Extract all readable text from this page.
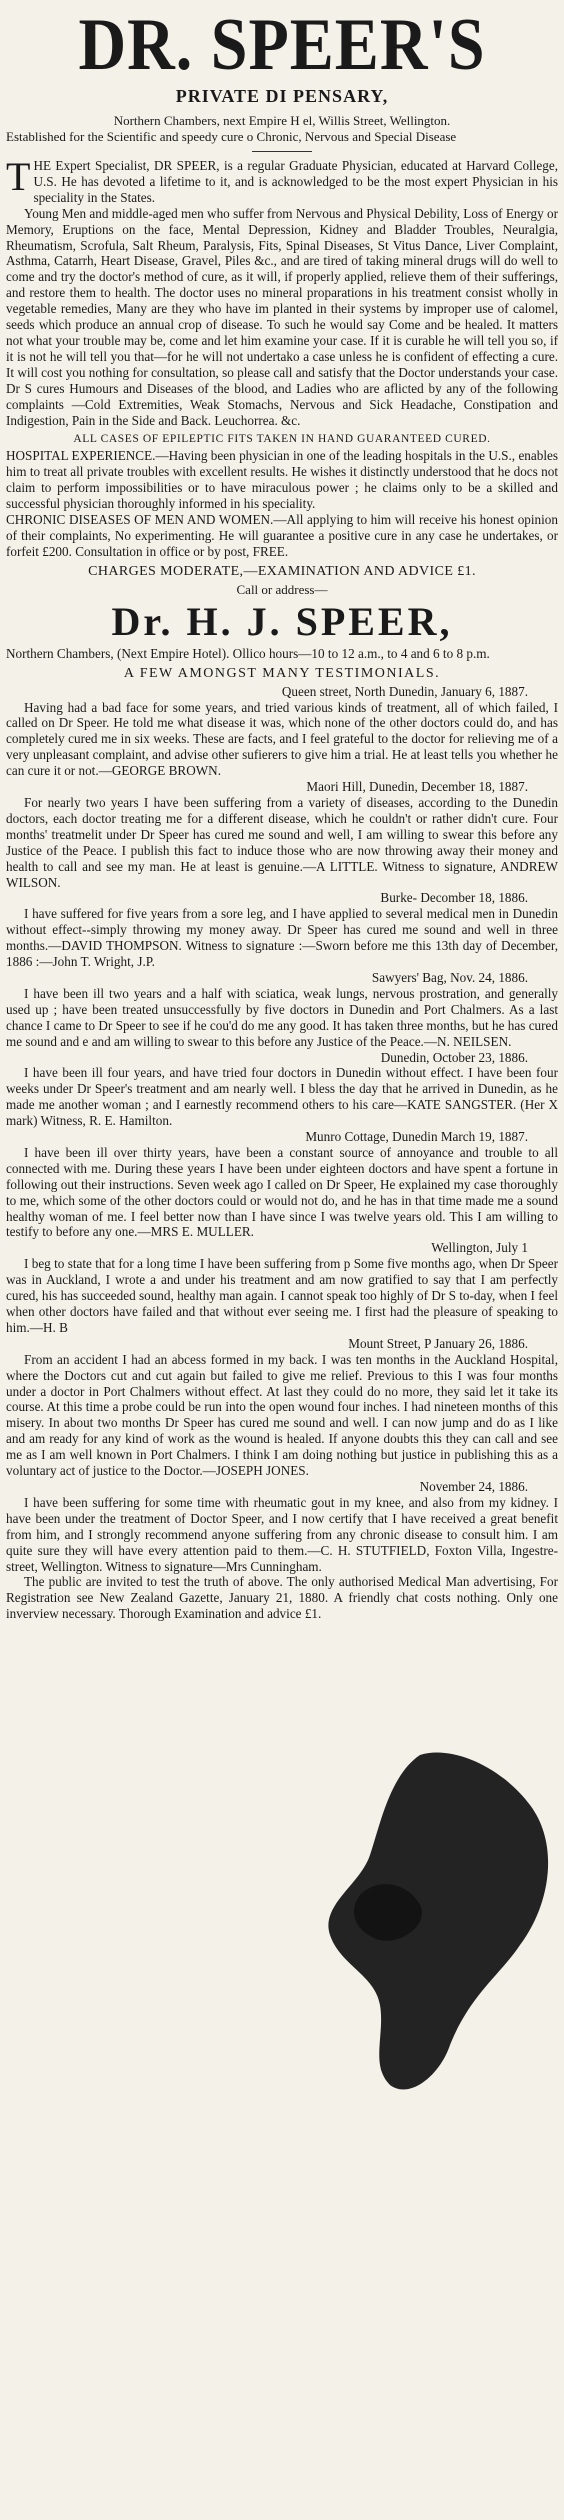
DR. SPEER'S
PRIVATE DI PENSARY,
Northern Chambers, next Empire H el, Willis Street, Wellington.
Established for the Scientific and speedy cure o Chronic, Nervous and Special Disease

THE Expert Specialist, DR SPEER, is a regular Graduate Physician, educated at Harvard College, U.S. He has devoted a lifetime to it, and is acknowledged to be the most expert Physician in his speciality in the States.

Young Men and middle-aged men who suffer from Nervous and Physical Debility, Loss of Energy or Memory, Eruptions on the face, Mental Depression, Kidney and Bladder Troubles, Neuralgia, Rheumatism, Scrofula, Salt Rheum, Paralysis, Fits, Spinal Diseases, St Vitus Dance, Liver Complaint, Asthma, Catarrh, Heart Disease, Gravel, Piles &c., and are tired of taking mineral drugs will do well to come and try the doctor's method of cure, as it will, if properly applied, relieve them of their sufferings, and restore them to health. The doctor uses no mineral proparations in his treatment consist wholly in vegetable remedies, Many are they who have im planted in their systems by improper use of calomel, seeds which produce an annual crop of disease. To such he would say Come and be healed. It matters not what your trouble may be, come and let him examine your case. If it is curable he will tell you so, if it is not he will tell you that—for he will not undertako a case unless he is confident of effecting a cure. It will cost you nothing for consultation, so please call and satisfy that the Doctor understands your case. Dr S cures Humours and Diseases of the blood, and Ladies who are aflicted by any of the following complaints —Cold Extremities, Weak Stomachs, Nervous and Sick Headache, Constipation and Indigestion, Pain in the Side and Back. Leuchorrea. &c.

ALL CASES OF EPILEPTIC FITS TAKEN IN HAND GUARANTEED CURED.

HOSPITAL EXPERIENCE.—Having been physician in one of the leading hospitals in the U.S., enables him to treat all private troubles with excellent results. He wishes it distinctly understood that he docs not claim to perform impossibilities or to have miraculous power ; he claims only to be a skilled and successful physician thoroughly informed in his speciality.

CHRONIC DISEASES OF MEN AND WOMEN.—All applying to him will receive his honest opinion of their complaints, No experimenting. He will guarantee a positive cure in any case he undertakes, or forfeit £200. Consultation in office or by post, FREE.

CHARGES MODERATE,—EXAMINATION AND ADVICE £1.
Call or address—
Dr. H. J. SPEER,

Northern Chambers, (Next Empire Hotel). Ollico hours—10 to 12 a.m., to 4 and 6 to 8 p.m.

A FEW AMONGST MANY TESTIMONIALS.
Queen street, North Dunedin, January 6, 1887.

Having had a bad face for some years, and tried various kinds of treatment, all of which failed, I called on Dr Speer. He told me what disease it was, which none of the other doctors could do, and has completely cured me in six weeks. These are facts, and I feel grateful to the doctor for relieving me of a very unpleasant complaint, and advise other sufierers to give him a trial. He at least tells you whether he can cure it or not.—GEORGE BROWN.

Maori Hill, Dunedin, December 18, 1887.

For nearly two years I have been suffering from a variety of diseases, according to the Dunedin doctors, each doctor treating me for a different disease, which he couldn't or rather didn't cure. Four months' treatmelit under Dr Speer has cured me sound and well, I am willing to swear this before any Justice of the Peace. I publish this fact to induce those who are now throwing away their money and health to call and see my man. He at least is genuine.—A LITTLE. Witness to signature, ANDREW WILSON.

Burke- Decomber 18, 1886.

I have suffered for five years from a sore leg, and I have applied to several medical men in Dunedin without effect--simply throwing my money away. Dr Speer has cured me sound and well in three months.—DAVID THOMPSON. Witness to signature :—Sworn before me this 13th day of December, 1886 :—John T. Wright, J.P.

Sawyers' Bag, Nov. 24, 1886.

I have been ill two years and a half with sciatica, weak lungs, nervous prostration, and generally used up ; have been treated unsuccessfully by five doctors in Dunedin and Port Chalmers. As a last chance I came to Dr Speer to see if he cou'd do me any good. It has taken three months, but he has cured me sound and e and am willing to swear to this before any Justice of the Peace.—N. NEILSEN.

Dunedin, October 23, 1886.

I have been ill four years, and have tried four doctors in Dunedin without effect. I have been four weeks under Dr Speer's treatment and am nearly well. I bless the day that he arrived in Dunedin, as he made me another woman ; and I earnestly recommend others to his care—KATE SANGSTER. (Her X mark) Witness, R. E. Hamilton.

Munro Cottage, Dunedin March 19, 1887.

I have been ill over thirty years, have been a constant source of annoyance and trouble to all connected with me. During these years I have been under eighteen doctors and have spent a fortune in following out their instructions. Seven week ago I called on Dr Speer, He explained my case thoroughly to me, which some of the other doctors could or would not do, and he has in that time made me a sound healthy woman of me. I feel better now than I have since I was twelve years old. This I am willing to testify to before any one.—MRS E. MULLER.

Wellington, July 1

I beg to state that for a long time I have been suffering from p Some five months ago, when Dr Speer was in Auckland, I wrote a and under his treatment and am now gratified to say that I am perfectly cured, his has succeeded sound, healthy man again. I cannot speak too highly of Dr S to-day, when I feel when other doctors have failed and that without ever seeing me. I first had the pleasure of speaking to him.—H. B

Mount Street, P January 26, 1886.

From an accident I had an abcess formed in my back. I was ten months in the Auckland Hospital, where the Doctors cut and cut again but failed to give me relief. Previous to this I was four months under a doctor in Port Chalmers without effect. At last they could do no more, they said let it take its course. At this time a probe could be run into the open wound four inches. I had nineteen months of this misery. In about two months Dr Speer has cured me sound and well. I can now jump and do as I like and am ready for any kind of work as the wound is healed. If anyone doubts this they can call and see me as I am well known in Port Chalmers. I think I am doing nothing but justice in publishing this as a voluntary act of justice to the Doctor.—JOSEPH JONES.

November 24, 1886.

I have been suffering for some time with rheumatic gout in my knee, and also from my kidney. I have been under the treatment of Doctor Speer, and I now certify that I have received a great benefit from him, and I strongly recommend anyone suffering from any chronic disease to consult him. I am quite sure they will have every attention paid to them.—C. H. STUTFIELD, Foxton Villa, Ingestre-street, Wellington. Witness to signature—Mrs Cunningham.

The public are invited to test the truth of above. The only authorised Medical Man advertising, For Registration see New Zealand Gazette, January 21, 1880. A friendly chat costs nothing. Only one inverview necessary. Thorough Examination and advice £1.
